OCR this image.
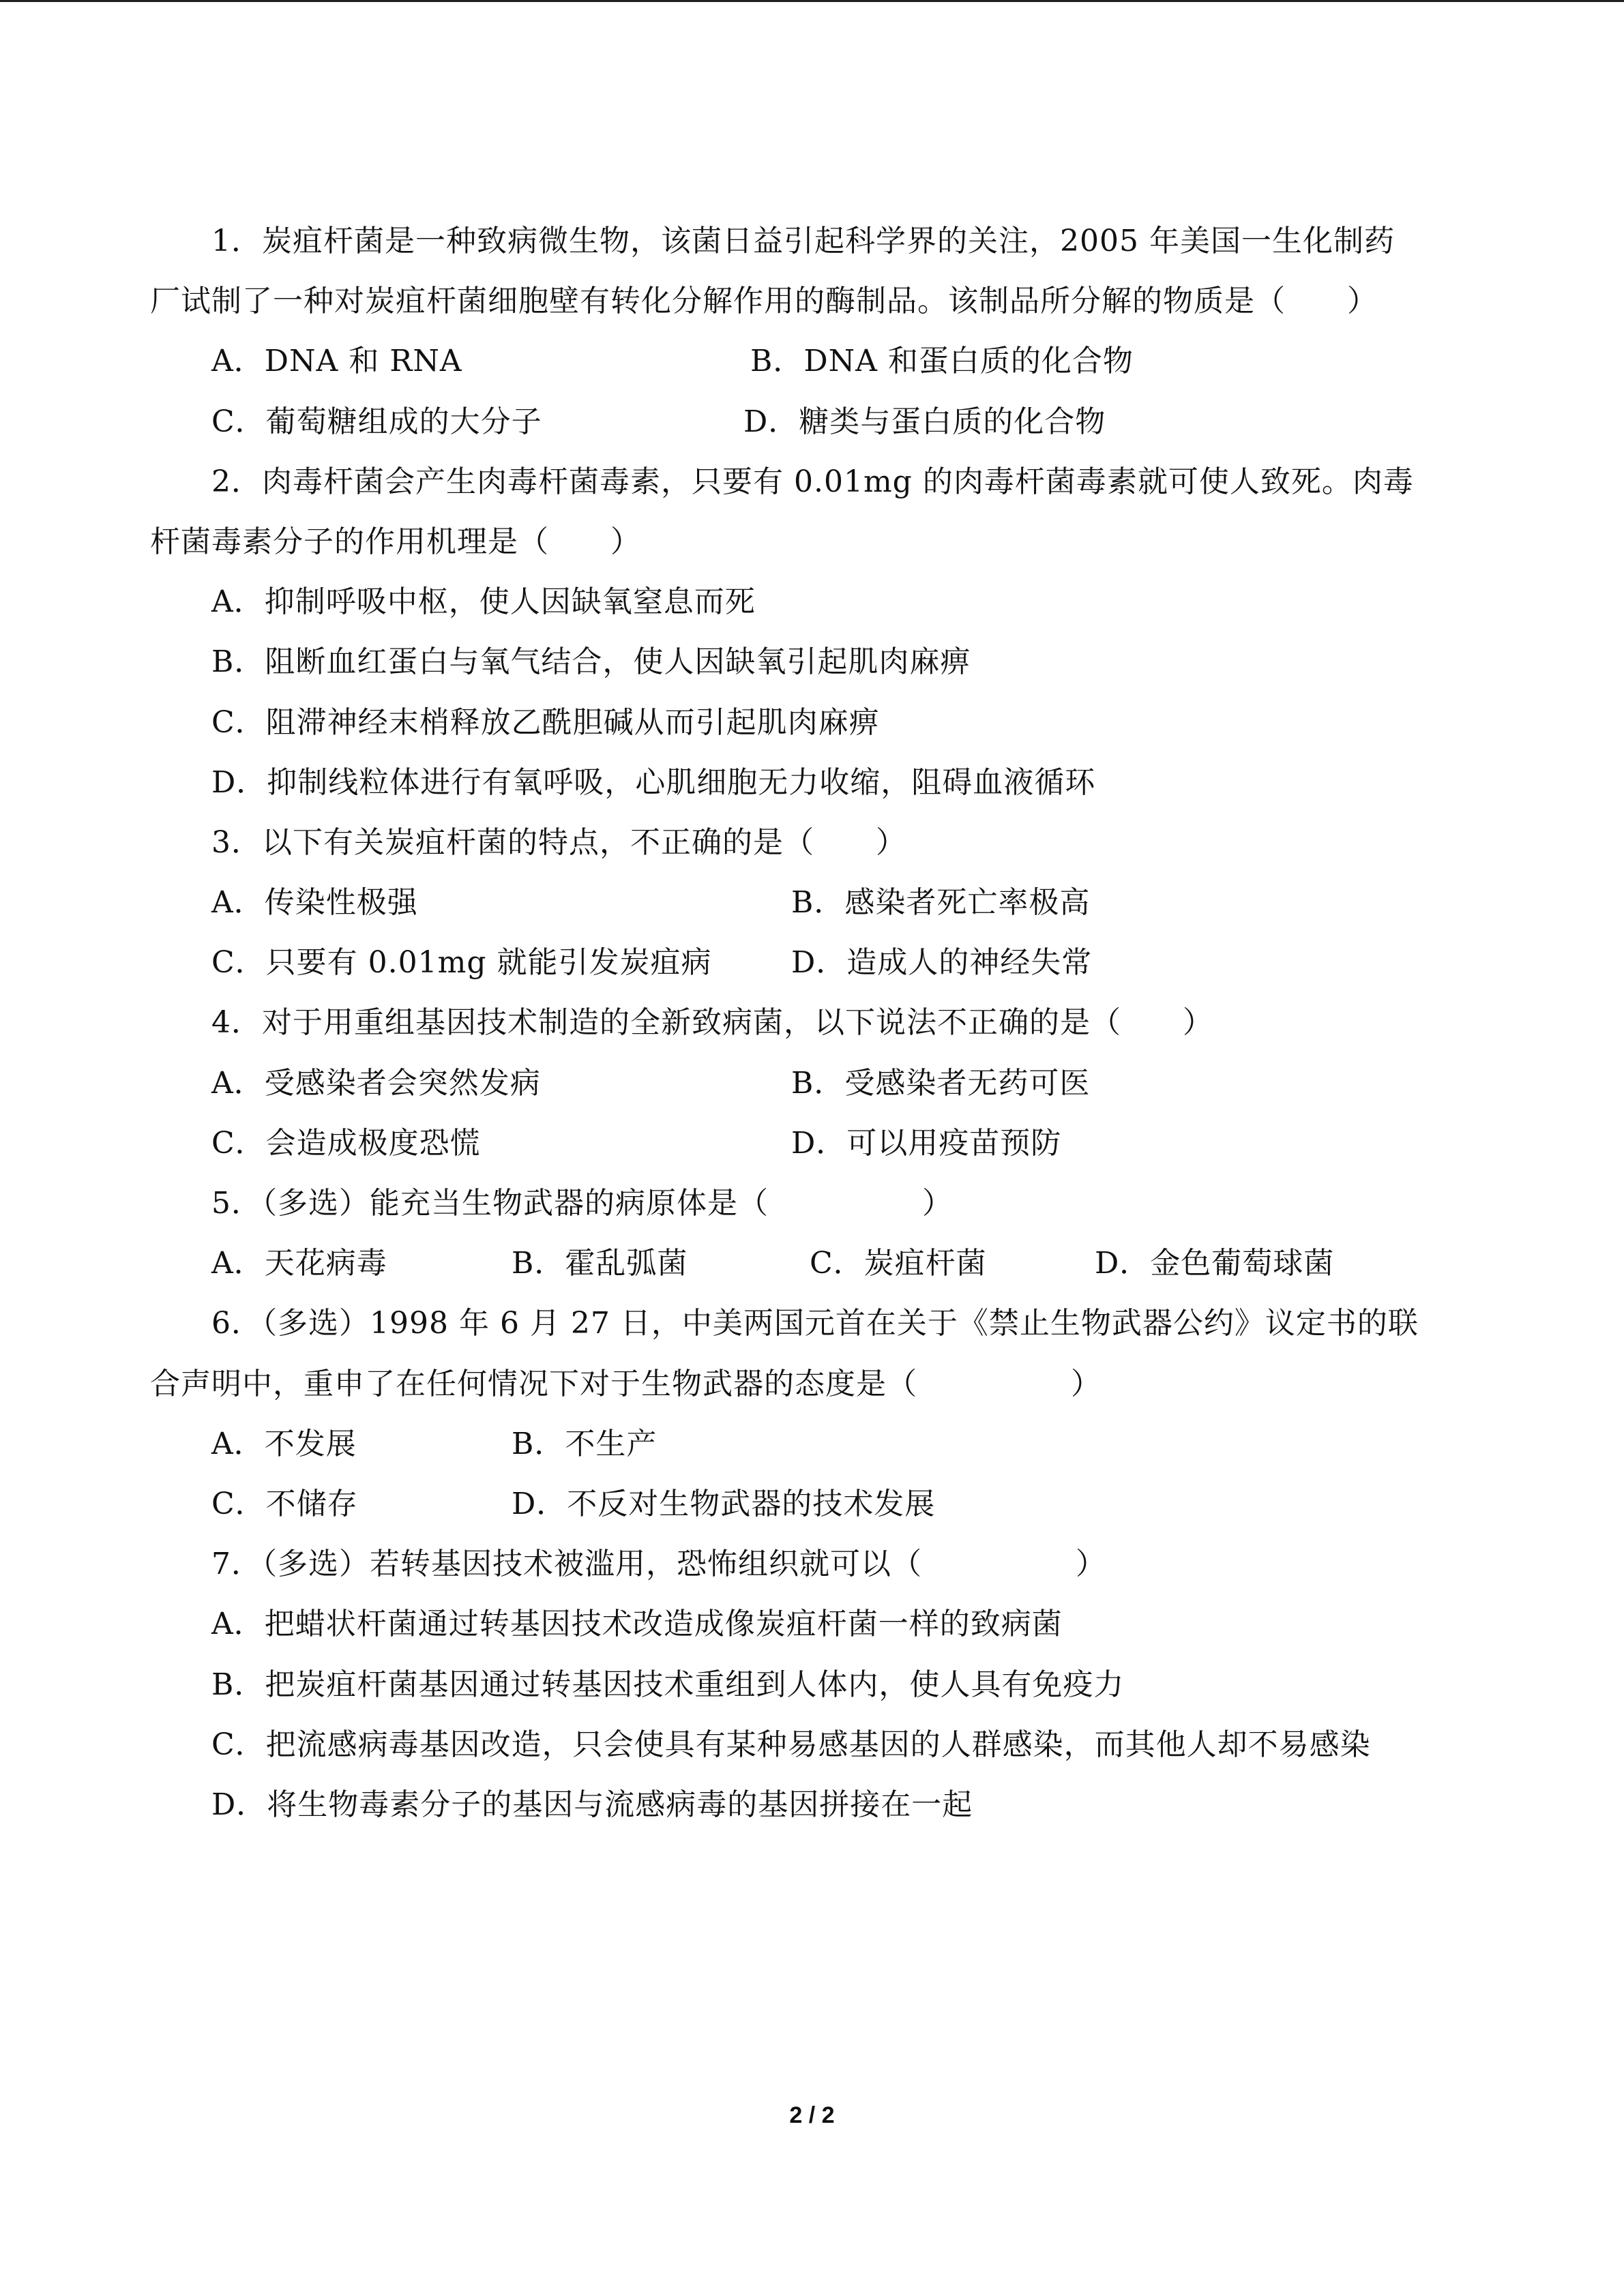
1．炭疽杆菌是一种致病微生物，该菌日益引起科学界的关注，2005 年美国一生化制药
厂试制了一种对炭疽杆菌细胞壁有转化分解作用的酶制品。该制品所分解的物质是（　　）
A．DNA 和 RNA	B．DNA 和蛋白质的化合物
C．葡萄糖组成的大分子	D．糖类与蛋白质的化合物
2．肉毒杆菌会产生肉毒杆菌毒素，只要有 0.01mg 的肉毒杆菌毒素就可使人致死。肉毒
杆菌毒素分子的作用机理是（　　）
A．抑制呼吸中枢，使人因缺氧窒息而死
B．阻断血红蛋白与氧气结合，使人因缺氧引起肌肉麻痹
C．阻滞神经末梢释放乙酰胆碱从而引起肌肉麻痹
D．抑制线粒体进行有氧呼吸，心肌细胞无力收缩，阻碍血液循环
3．以下有关炭疽杆菌的特点，不正确的是（　　）
A．传染性极强	B．感染者死亡率极高
C．只要有 0.01mg 就能引发炭疽病	D．造成人的神经失常
4．对于用重组基因技术制造的全新致病菌，以下说法不正确的是（　　）
A．受感染者会突然发病	B．受感染者无药可医
C．会造成极度恐慌	D．可以用疫苗预防
5．（多选）能充当生物武器的病原体是（　　　　　）
A．天花病毒	B．霍乱弧菌	C．炭疽杆菌	D．金色葡萄球菌
6．（多选）1998 年 6 月 27 日，中美两国元首在关于《禁止生物武器公约》议定书的联
合声明中，重申了在任何情况下对于生物武器的态度是（　　　　　）
A．不发展	B．不生产
C．不储存	D．不反对生物武器的技术发展
7．（多选）若转基因技术被滥用，恐怖组织就可以（　　　　　）
A．把蜡状杆菌通过转基因技术改造成像炭疽杆菌一样的致病菌
B．把炭疽杆菌基因通过转基因技术重组到人体内，使人具有免疫力
C．把流感病毒基因改造，只会使具有某种易感基因的人群感染，而其他人却不易感染
D．将生物毒素分子的基因与流感病毒的基因拼接在一起
2 / 2
